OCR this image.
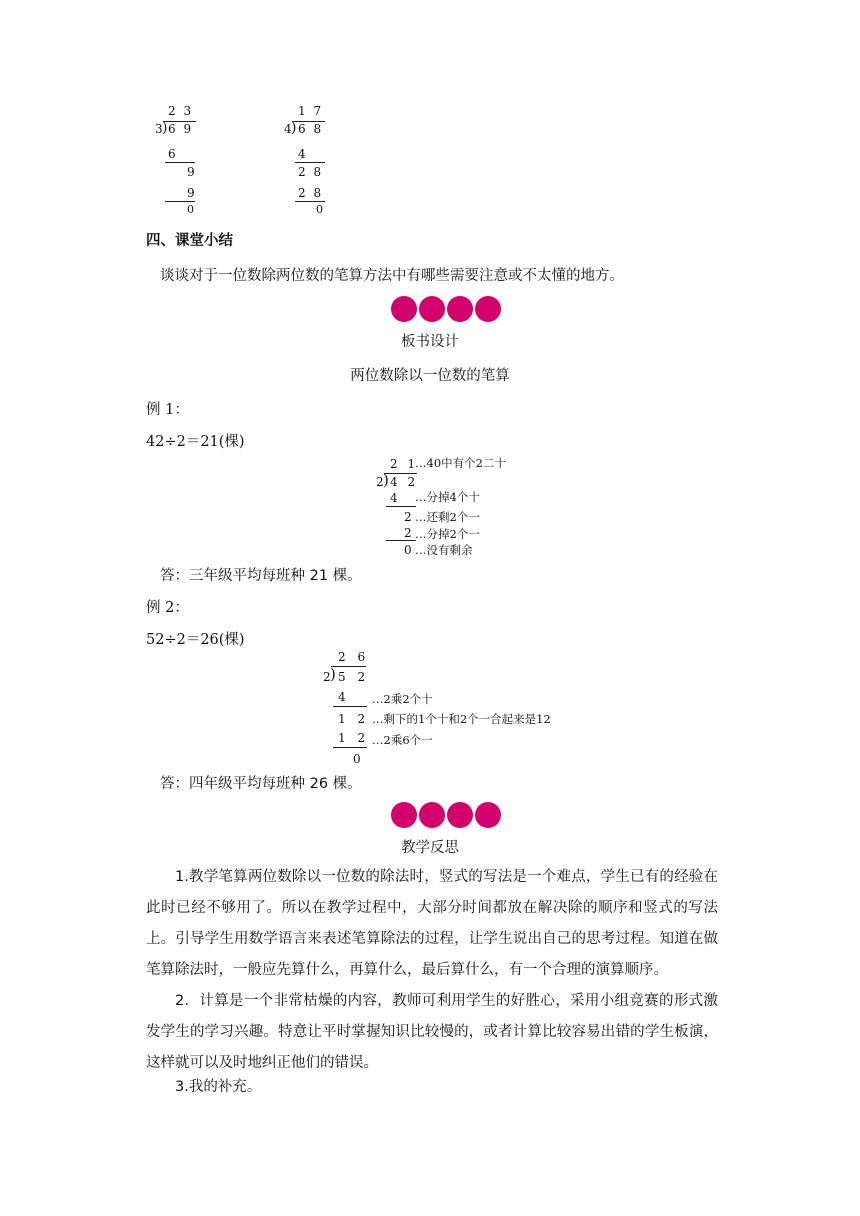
2 3
3 ) 6 9
6
9
9
0
1 7
4 ) 6 8
4
2 8
2 8
0
四、课堂小结
谈谈对于一位数除两位数的笔算方法中有哪些需要注意或不太懂的地方。
板书设计
两位数除以一位数的笔算
例 1：
42÷2＝21(棵)
2 1
…40中有个2二十
2 ) 4 2
4 …分掉4个十
2 …还剩2个一
2 …分掉2个一
0 …没有剩余
答：三年级平均每班种 21 棵。
例 2：
52÷2＝26(棵)
2 6
2 ) 5 2
4 …2乘2个十
1 2 …剩下的1个十和2个一合起来是12
1 2 …2乘6个一
0
答：四年级平均每班种 26 棵。
教学反思
1.教学笔算两位数除以一位数的除法时，竖式的写法是一个难点，学生已有的经验在此时已经不够用了。所以在教学过程中，大部分时间都放在解决除的顺序和竖式的写法上。引导学生用数学语言来表述笔算除法的过程，让学生说出自己的思考过程。知道在做笔算除法时，一般应先算什么，再算什么，最后算什么，有一个合理的演算顺序。
2．计算是一个非常枯燥的内容，教师可利用学生的好胜心，采用小组竞赛的形式激发学生的学习兴趣。特意让平时掌握知识比较慢的，或者计算比较容易出错的学生板演，这样就可以及时地纠正他们的错误。
3.我的补充。
